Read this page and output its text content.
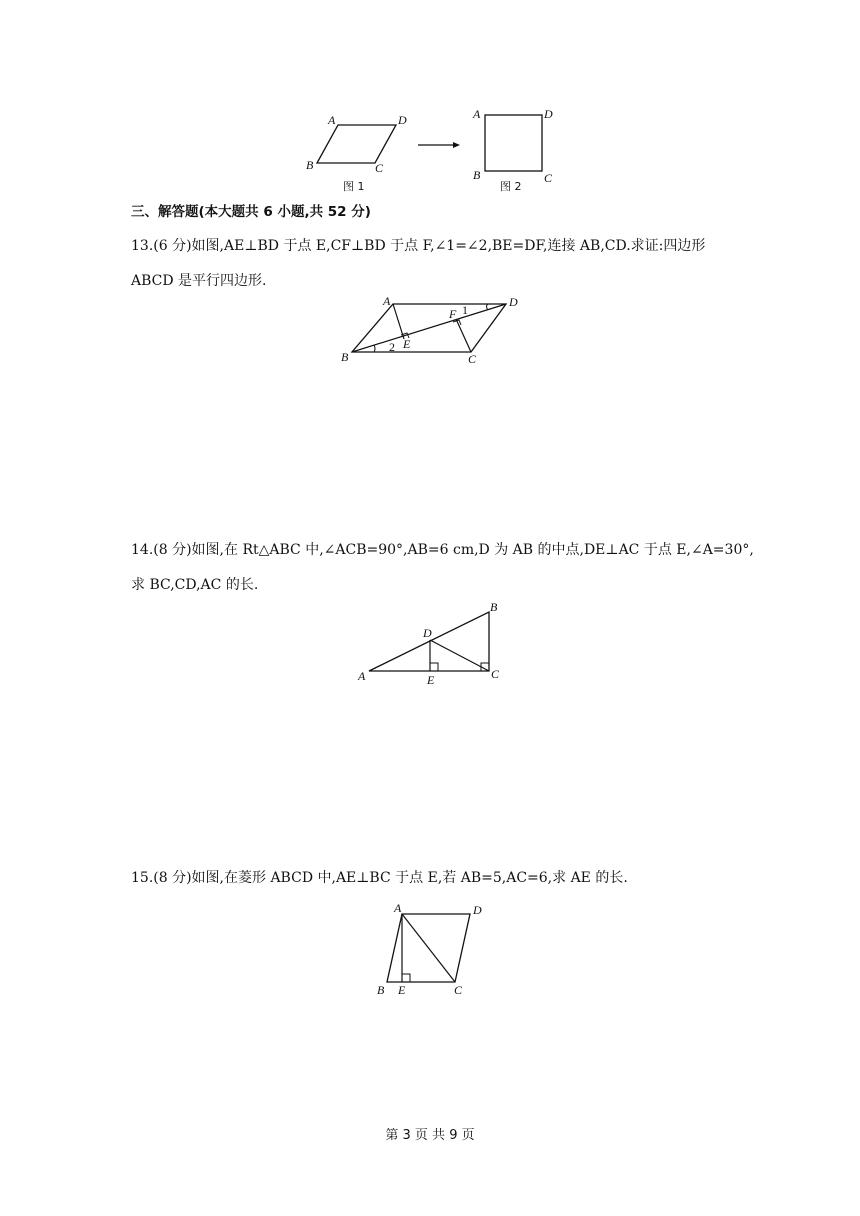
A	D
B	C
图 1
A	D
B	C
图 2
三、解答题(本大题共 6 小题,共 52 分)
13.(6 分)如图,AE⊥BD 于点 E,CF⊥BD 于点 F,∠1=∠2,BE=DF,连接 AB,CD.求证:四边形
ABCD 是平行四边形.
A	D
B	C
E
F 1
2
14.(8 分)如图,在 Rt△ABC 中,∠ACB=90°,AB=6 cm,D 为 AB 的中点,DE⊥AC 于点 E,∠A=30°,
求 BC,CD,AC 的长.
A
B
C
D
E
15.(8 分)如图,在菱形 ABCD 中,AE⊥BC 于点 E,若 AB=5,AC=6,求 AE 的长.
A	D
B E	C
第 3 页 共 9 页
